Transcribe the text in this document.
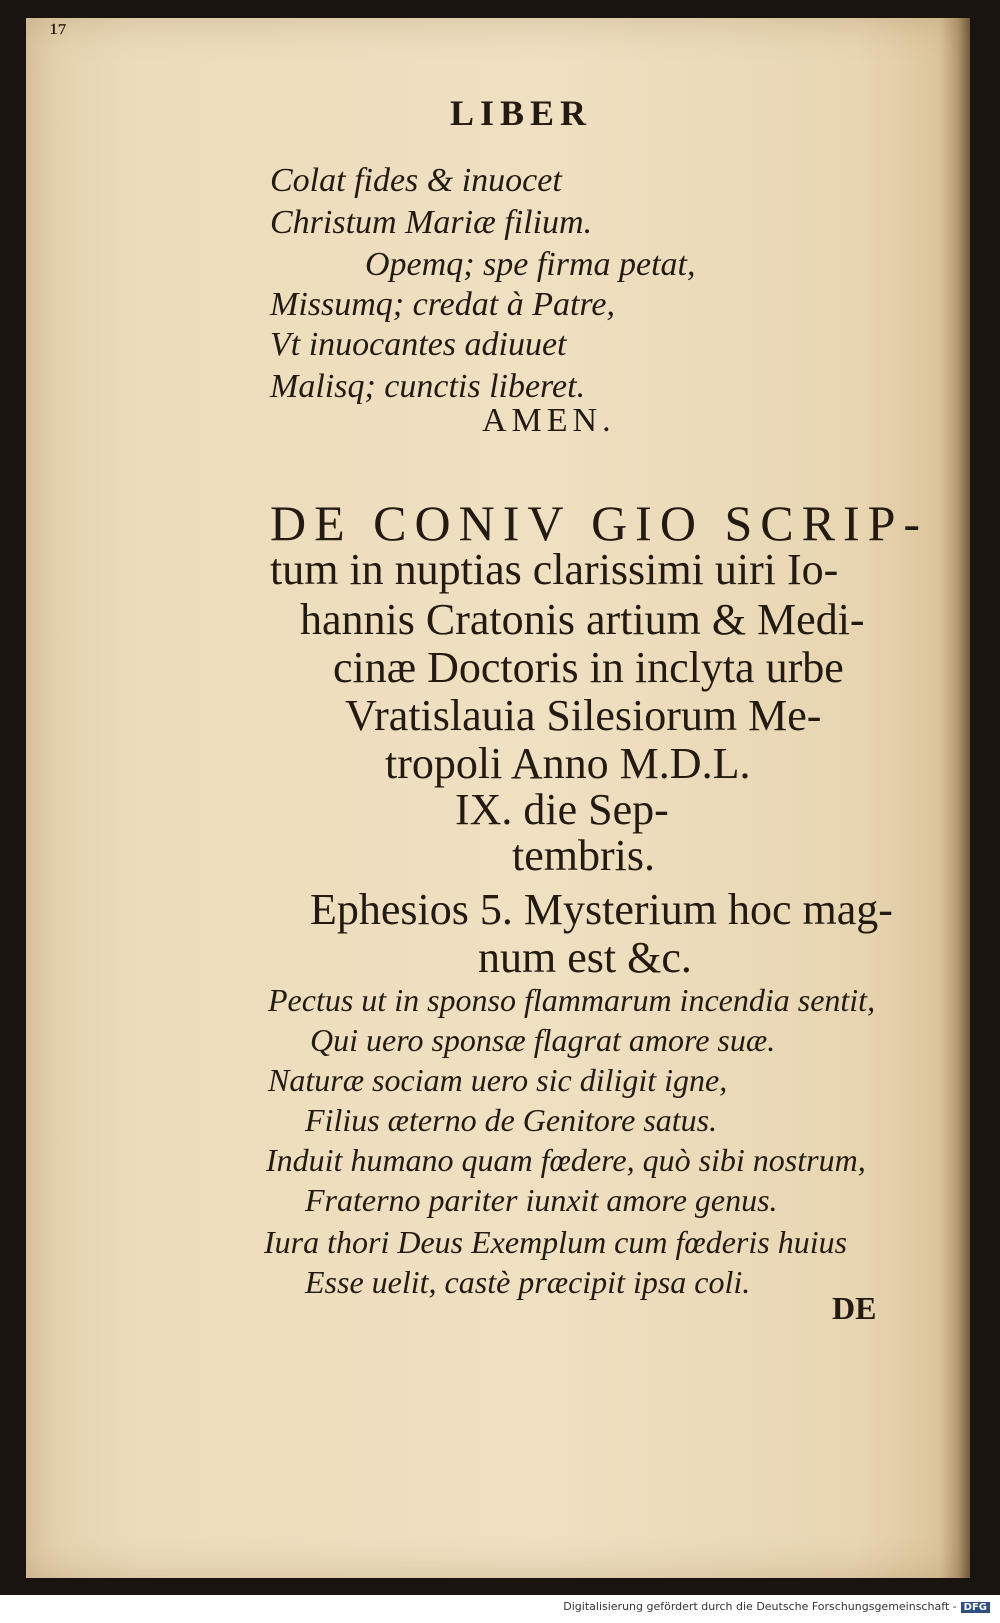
¹⁷
LIBER
Colat fides & inuocet
Christum Mariæ filium.
Opemq; spe firma petat,
Missumq; credat à Patre,
Vt inuocantes adiuuet
Malisq; cunctis liberet.
AMEN.
DE CONIV GIO SCRIP-
tum in nuptias clarissimi uiri Io-
hannis Cratonis artium & Medi-
cinæ Doctoris in inclyta urbe
Vratislauia Silesiorum Me-
tropoli Anno M.D.L.
IX. die Sep-
tembris.
Ephesios 5. Mysterium hoc mag-
num est &c.
Pectus ut in sponso flammarum incendia sentit,
Qui uero sponsæ flagrat amore suæ.
Naturæ sociam uero sic diligit igne,
Filius æterno de Genitore satus.
Induit humano quam fœdere, quò sibi nostrum,
Fraterno pariter iunxit amore genus.
Iura thori Deus Exemplum cum fœderis huius
Esse uelit, castè præcipit ipsa coli.
DE
Digitalisierung gefördert durch die Deutsche Forschungsgemeinschaft - DFG
